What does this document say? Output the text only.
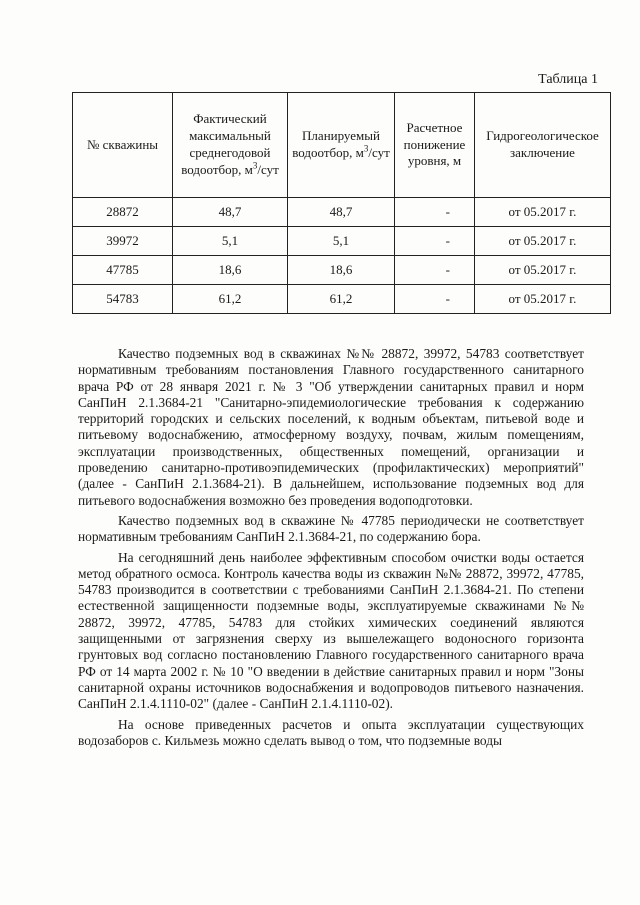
Таблица 1
№ скважины	Фактический максимальный среднегодовой водоотбор, $м^3$/сут	Планируемый водоотбор, $м^3$/сут	Расчетное понижение уровня, м	Гидрогеологическое заключение
28872	48,7	48,7	-	от 05.2017 г.
39972	5,1	5,1	-	от 05.2017 г.
47785	18,6	18,6	-	от 05.2017 г.
54783	61,2	61,2	-	от 05.2017 г.

Качество подземных вод в скважинах №№ 28872, 39972, 54783 соответствует нормативным требованиям постановления Главного государственного санитарного врача РФ от 28 января 2021 г. № 3 "Об утверждении санитарных правил и норм СанПиН 2.1.3684-21 "Санитарно-эпидемиологические требования к содержанию территорий городских и сельских поселений, к водным объектам, питьевой воде и питьевому водоснабжению, атмосферному воздуху, почвам, жилым помещениям, эксплуатации производственных, общественных помещений, организации и проведению санитарно-противоэпидемических (профилактических) мероприятий" (далее - СанПиН 2.1.3684-21). В дальнейшем, использование подземных вод для питьевого водоснабжения возможно без проведения водоподготовки.

Качество подземных вод в скважине № 47785 периодически не соответствует нормативным требованиям СанПиН 2.1.3684-21, по содержанию бора.

На сегодняшний день наиболее эффективным способом очистки воды остается метод обратного осмоса. Контроль качества воды из скважин №№ 28872, 39972, 47785, 54783 производится в соответствии с требованиями СанПиН 2.1.3684-21. По степени естественной защищенности подземные воды, эксплуатируемые скважинами №№ 28872, 39972, 47785, 54783 для стойких химических соединений являются защищенными от загрязнения сверху из вышележащего водоносного горизонта грунтовых вод согласно постановлению Главного государственного санитарного врача РФ от 14 марта 2002 г. № 10 "О введении в действие санитарных правил и норм "Зоны санитарной охраны источников водоснабжения и водопроводов питьевого назначения. СанПиН 2.1.4.1110-02" (далее - СанПиН 2.1.4.1110-02).

На основе приведенных расчетов и опыта эксплуатации существующих водозаборов с. Кильмезь можно сделать вывод о том, что подземные воды
